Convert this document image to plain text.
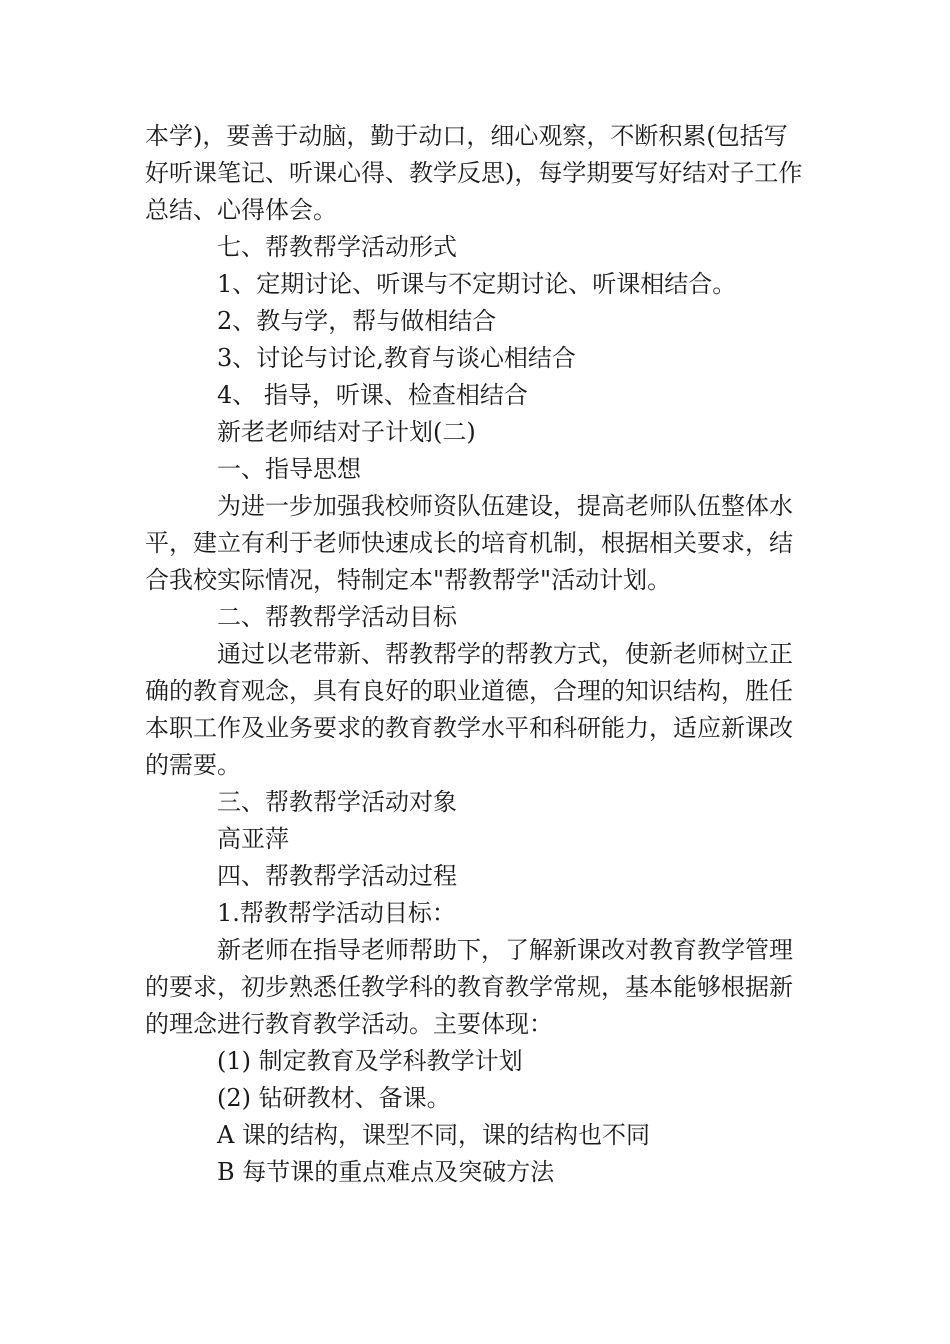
本学)，要善于动脑，勤于动口，细心观察，不断积累(包括写好听课笔记、听课心得、教学反思)，每学期要写好结对子工作总结、心得体会。

七、帮教帮学活动形式

1、定期讨论、听课与不定期讨论、听课相结合。

2、教与学，帮与做相结合

3、讨论与讨论,教育与谈心相结合

4、 指导，听课、检查相结合

新老老师结对子计划(二)

一、指导思想

为进一步加强我校师资队伍建设，提高老师队伍整体水平，建立有利于老师快速成长的培育机制，根据相关要求，结合我校实际情况，特制定本"帮教帮学"活动计划。

二、帮教帮学活动目标

通过以老带新、帮教帮学的帮教方式，使新老师树立正确的教育观念，具有良好的职业道德，合理的知识结构，胜任本职工作及业务要求的教育教学水平和科研能力，适应新课改的需要。

三、帮教帮学活动对象

高亚萍

四、帮教帮学活动过程

1.帮教帮学活动目标：

新老师在指导老师帮助下，了解新课改对教育教学管理的要求，初步熟悉任教学科的教育教学常规，基本能够根据新的理念进行教育教学活动。主要体现：

(1) 制定教育及学科教学计划

(2) 钻研教材、备课。

A 课的结构，课型不同，课的结构也不同

B 每节课的重点难点及突破方法
